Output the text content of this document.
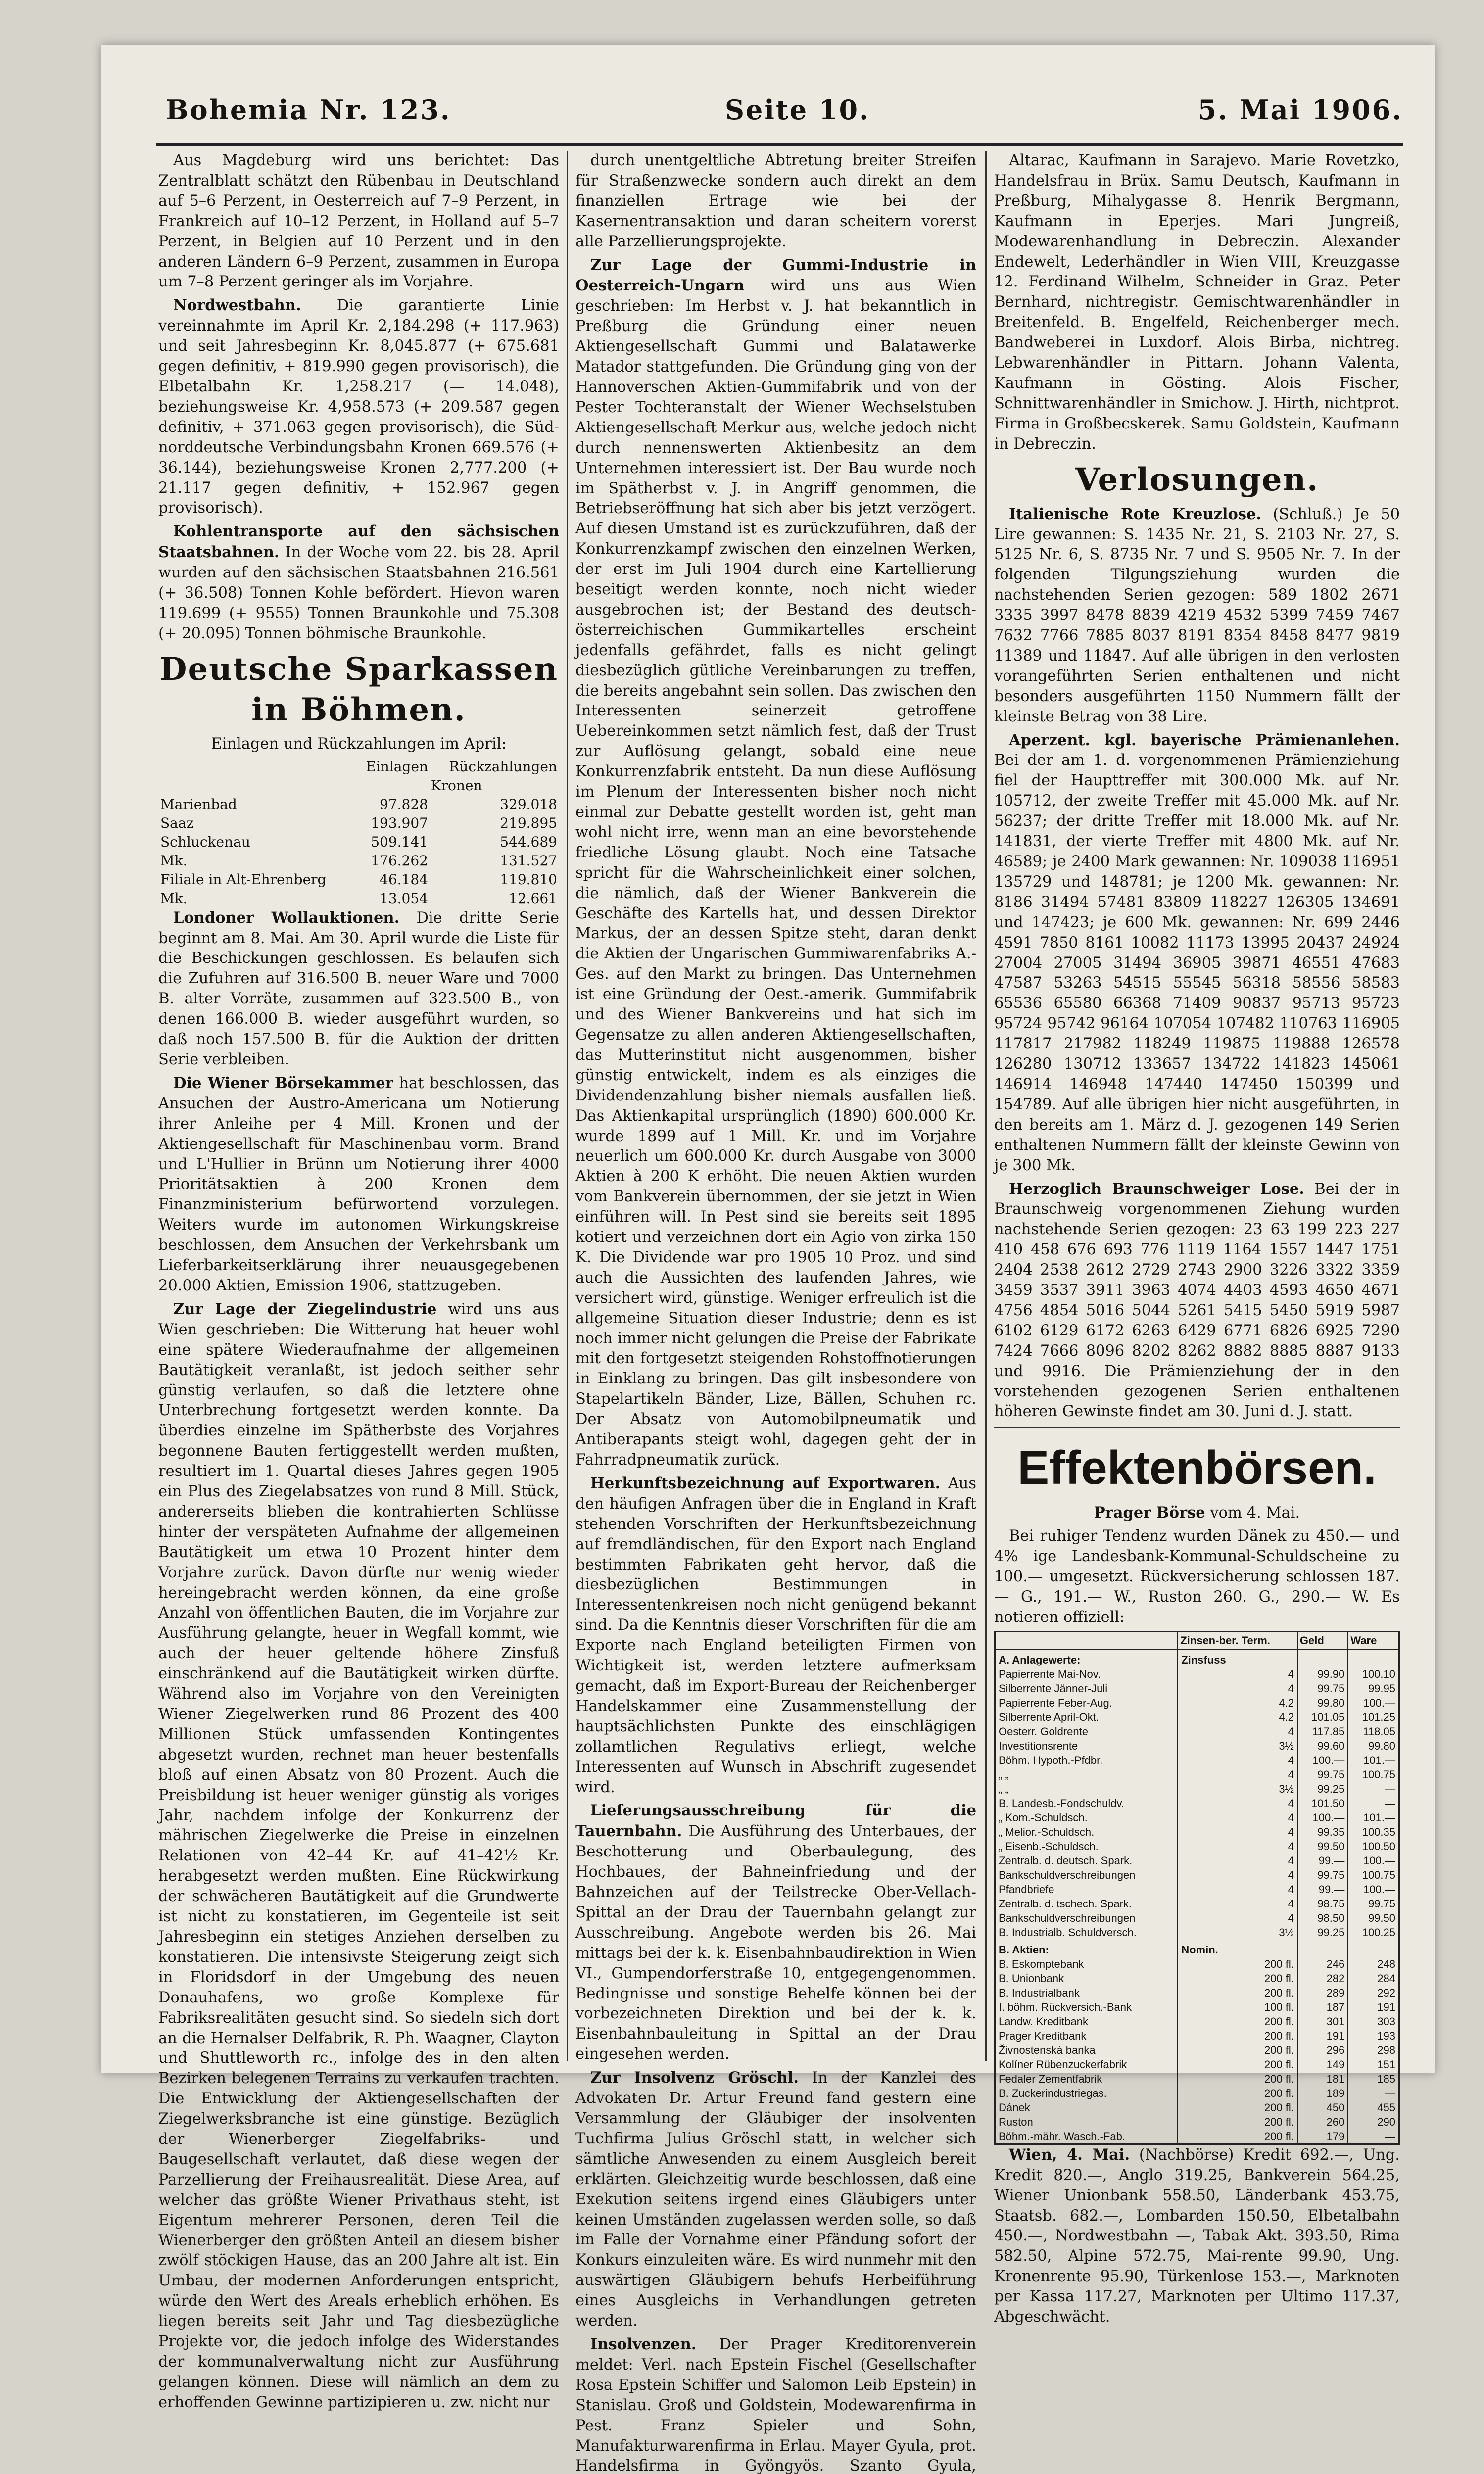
Bohemia Nr. 123.	Seite 10.	5. Mai 1906.

Aus Magdeburg wird uns berichtet: Das Zentralblatt schätzt den Rübenbau in Deutschland auf 5–6 Perzent, in Oesterreich auf 7–9 Perzent, in Frankreich auf 10–12 Perzent, in Holland auf 5–7 Perzent, in Belgien auf 10 Perzent und in den anderen Ländern 6–9 Perzent, zusammen in Europa um 7–8 Perzent geringer als im Vorjahre.

Nordwestbahn. Die garantierte Linie vereinnahmte im April Kr. 2,184.298 (+ 117.963) und seit Jahresbeginn Kr. 8,045.877 (+ 675.681 gegen definitiv, + 819.990 gegen provisorisch), die Elbetalbahn Kr. 1,258.217 (— 14.048), beziehungsweise Kr. 4,958.573 (+ 209.587 gegen definitiv, + 371.063 gegen provisorisch), die Süd-norddeutsche Verbindungsbahn Kronen 669.576 (+ 36.144), beziehungsweise Kronen 2,777.200 (+ 21.117 gegen definitiv, + 152.967 gegen provisorisch).

Kohlentransporte auf den sächsischen Staatsbahnen. In der Woche vom 22. bis 28. April wurden auf den sächsischen Staatsbahnen 216.561 (+ 36.508) Tonnen Kohle befördert. Hievon waren 119.699 (+ 9555) Tonnen Braunkohle und 75.308 (+ 20.095) Tonnen böhmische Braunkohle.

Deutsche Sparkassen in Böhmen.

Einlagen und Rückzahlungen im April:

	Einlagen	Rückzahlungen
	Kronen	
Marienbad	97.828	329.018
Saaz	193.907	219.895
Schluckenau	509.141	544.689
Mk.	176.262	131.527
Filiale in Alt-Ehrenberg	46.184	119.810
Mk.	13.054	12.661

Londoner Wollauktionen. Die dritte Serie beginnt am 8. Mai. Am 30. April wurde die Liste für die Beschickungen geschlossen. Es belaufen sich die Zufuhren auf 316.500 B. neuer Ware und 7000 B. alter Vorräte, zusammen auf 323.500 B., von denen 166.000 B. wieder ausgeführt wurden, so daß noch 157.500 B. für die Auktion der dritten Serie verbleiben.

Die Wiener Börsekammer hat beschlossen, das Ansuchen der Austro-Americana um Notierung ihrer Anleihe per 4 Mill. Kronen und der Aktiengesellschaft für Maschinenbau vorm. Brand und L'Hullier in Brünn um Notierung ihrer 4000 Prioritätsaktien à 200 Kronen dem Finanzministerium befürwortend vorzulegen. Weiters wurde im autonomen Wirkungskreise beschlossen, dem Ansuchen der Verkehrsbank um Lieferbarkeitserklärung ihrer neuausgegebenen 20.000 Aktien, Emission 1906, stattzugeben.

Zur Lage der Ziegelindustrie wird uns aus Wien geschrieben: Die Witterung hat heuer wohl eine spätere Wiederaufnahme der allgemeinen Bautätigkeit veranlaßt, ist jedoch seither sehr günstig verlaufen, so daß die letztere ohne Unterbrechung fortgesetzt werden konnte. Da überdies einzelne im Spätherbste des Vorjahres begonnene Bauten fertiggestellt werden mußten, resultiert im 1. Quartal dieses Jahres gegen 1905 ein Plus des Ziegelabsatzes von rund 8 Mill. Stück, andererseits blieben die kontrahierten Schlüsse hinter der verspäteten Aufnahme der allgemeinen Bautätigkeit um etwa 10 Prozent hinter dem Vorjahre zurück. Davon dürfte nur wenig wieder hereingebracht werden können, da eine große Anzahl von öffentlichen Bauten, die im Vorjahre zur Ausführung gelangte, heuer in Wegfall kommt, wie auch der heuer geltende höhere Zinsfuß einschränkend auf die Bautätigkeit wirken dürfte. Während also im Vorjahre von den Vereinigten Wiener Ziegelwerken rund 86 Prozent des 400 Millionen Stück umfassenden Kontingentes abgesetzt wurden, rechnet man heuer bestenfalls bloß auf einen Absatz von 80 Prozent. Auch die Preisbildung ist heuer weniger günstig als voriges Jahr, nachdem infolge der Konkurrenz der mährischen Ziegelwerke die Preise in einzelnen Relationen von 42–44 Kr. auf 41–42½ Kr. herabgesetzt werden mußten. Eine Rückwirkung der schwächeren Bautätigkeit auf die Grundwerte ist nicht zu konstatieren, im Gegenteile ist seit Jahresbeginn ein stetiges Anziehen derselben zu konstatieren. Die intensivste Steigerung zeigt sich in Floridsdorf in der Umgebung des neuen Donauhafens, wo große Komplexe für Fabriksrealitäten gesucht sind. So siedeln sich dort an die Hernalser Delfabrik, R. Ph. Waagner, Clayton und Shuttleworth rc., infolge des in den alten Bezirken belegenen Terrains zu verkaufen trachten. Die Entwicklung der Aktiengesellschaften der Ziegelwerksbranche ist eine günstige. Bezüglich der Wienerberger Ziegelfabriks- und Baugesellschaft verlautet, daß diese wegen der Parzellierung der Freihausrealität. Diese Area, auf welcher das größte Wiener Privathaus steht, ist Eigentum mehrerer Personen, deren Teil die Wienerberger den größten Anteil an diesem bisher zwölf stöckigen Hause, das an 200 Jahre alt ist. Ein Umbau, der modernen Anforderungen entspricht, würde den Wert des Areals erheblich erhöhen. Es liegen bereits seit Jahr und Tag diesbezügliche Projekte vor, die jedoch infolge des Widerstandes der kommunalverwaltung nicht zur Ausführung gelangen können. Diese will nämlich an dem zu erhoffenden Gewinne partizipieren u. zw. nicht nur

durch unentgeltliche Abtretung breiter Streifen für Straßenzwecke sondern auch direkt an dem finanziellen Ertrage wie bei der Kasernentransaktion und daran scheitern vorerst alle Parzellierungsprojekte.

Zur Lage der Gummi-Industrie in Oesterreich-Ungarn wird uns aus Wien geschrieben: Im Herbst v. J. hat bekanntlich in Preßburg die Gründung einer neuen Aktiengesellschaft Gummi und Balatawerke Matador stattgefunden. Die Gründung ging von der Hannoverschen Aktien-Gummifabrik und von der Pester Tochteranstalt der Wiener Wechselstuben Aktiengesellschaft Merkur aus, welche jedoch nicht durch nennenswerten Aktienbesitz an dem Unternehmen interessiert ist. Der Bau wurde noch im Spätherbst v. J. in Angriff genommen, die Betriebseröffnung hat sich aber bis jetzt verzögert. Auf diesen Umstand ist es zurückzuführen, daß der Konkurrenzkampf zwischen den einzelnen Werken, der erst im Juli 1904 durch eine Kartellierung beseitigt werden konnte, noch nicht wieder ausgebrochen ist; der Bestand des deutsch-österreichischen Gummikartelles erscheint jedenfalls gefährdet, falls es nicht gelingt diesbezüglich gütliche Vereinbarungen zu treffen, die bereits angebahnt sein sollen. Das zwischen den Interessenten seinerzeit getroffene Uebereinkommen setzt nämlich fest, daß der Trust zur Auflösung gelangt, sobald eine neue Konkurrenzfabrik entsteht. Da nun diese Auflösung im Plenum der Interessenten bisher noch nicht einmal zur Debatte gestellt worden ist, geht man wohl nicht irre, wenn man an eine bevorstehende friedliche Lösung glaubt. Noch eine Tatsache spricht für die Wahrscheinlichkeit einer solchen, die nämlich, daß der Wiener Bankverein die Geschäfte des Kartells hat, und dessen Direktor Markus, der an dessen Spitze steht, daran denkt die Aktien der Ungarischen Gummiwarenfabriks A.-Ges. auf den Markt zu bringen. Das Unternehmen ist eine Gründung der Oest.-amerik. Gummifabrik und des Wiener Bankvereins und hat sich im Gegensatze zu allen anderen Aktiengesellschaften, das Mutterinstitut nicht ausgenommen, bisher günstig entwickelt, indem es als einziges die Dividendenzahlung bisher niemals ausfallen ließ. Das Aktienkapital ursprünglich (1890) 600.000 Kr. wurde 1899 auf 1 Mill. Kr. und im Vorjahre neuerlich um 600.000 Kr. durch Ausgabe von 3000 Aktien à 200 K erhöht. Die neuen Aktien wurden vom Bankverein übernommen, der sie jetzt in Wien einführen will. In Pest sind sie bereits seit 1895 kotiert und verzeichnen dort ein Agio von zirka 150 K. Die Dividende war pro 1905 10 Proz. und sind auch die Aussichten des laufenden Jahres, wie versichert wird, günstige. Weniger erfreulich ist die allgemeine Situation dieser Industrie; denn es ist noch immer nicht gelungen die Preise der Fabrikate mit den fortgesetzt steigenden Rohstoffnotierungen in Einklang zu bringen. Das gilt insbesondere von Stapelartikeln Bänder, Lize, Bällen, Schuhen rc. Der Absatz von Automobilpneumatik und Antiberapants steigt wohl, dagegen geht der in Fahrradpneumatik zurück.

Herkunftsbezeichnung auf Exportwaren. Aus den häufigen Anfragen über die in England in Kraft stehenden Vorschriften der Herkunftsbezeichnung auf fremdländischen, für den Export nach England bestimmten Fabrikaten geht hervor, daß die diesbezüglichen Bestimmungen in Interessentenkreisen noch nicht genügend bekannt sind. Da die Kenntnis dieser Vorschriften für die am Exporte nach England beteiligten Firmen von Wichtigkeit ist, werden letztere aufmerksam gemacht, daß im Export-Bureau der Reichenberger Handelskammer eine Zusammenstellung der hauptsächlichsten Punkte des einschlägigen zollamtlichen Regulativs erliegt, welche Interessenten auf Wunsch in Abschrift zugesendet wird.

Lieferungsausschreibung für die Tauernbahn. Die Ausführung des Unterbaues, der Beschotterung und Oberbaulegung, des Hochbaues, der Bahneinfriedung und der Bahnzeichen auf der Teilstrecke Ober-Vellach-Spittal an der Drau der Tauernbahn gelangt zur Ausschreibung. Angebote werden bis 26. Mai mittags bei der k. k. Eisenbahnbaudirektion in Wien VI., Gumpendorferstraße 10, entgegengenommen. Bedingnisse und sonstige Behelfe können bei der vorbezeichneten Direktion und bei der k. k. Eisenbahnbauleitung in Spittal an der Drau eingesehen werden.

Zur Insolvenz Gröschl. In der Kanzlei des Advokaten Dr. Artur Freund fand gestern eine Versammlung der Gläubiger der insolventen Tuchfirma Julius Gröschl statt, in welcher sich sämtliche Anwesenden zu einem Ausgleich bereit erklärten. Gleichzeitig wurde beschlossen, daß eine Exekution seitens irgend eines Gläubigers unter keinen Umständen zugelassen werden solle, so daß im Falle der Vornahme einer Pfändung sofort der Konkurs einzuleiten wäre. Es wird nunmehr mit den auswärtigen Gläubigern behufs Herbeiführung eines Ausgleichs in Verhandlungen getreten werden.

Insolvenzen. Der Prager Kreditorenverein meldet: Verl. nach Epstein Fischel (Gesellschafter Rosa Epstein Schiffer und Salomon Leib Epstein) in Stanislau. Groß und Goldstein, Modewarenfirma in Pest. Franz Spieler und Sohn, Manufakturwarenfirma in Erlau. Mayer Gyula, prot. Handelsfirma in Gyöngyös. Szanto Gyula,

Altarac, Kaufmann in Sarajevo. Marie Rovetzko, Handelsfrau in Brüx. Samu Deutsch, Kaufmann in Preßburg, Mihalygasse 8. Henrik Bergmann, Kaufmann in Eperjes. Mari Jungreiß, Modewarenhandlung in Debreczin. Alexander Endewelt, Lederhändler in Wien VIII, Kreuzgasse 12. Ferdinand Wilhelm, Schneider in Graz. Peter Bernhard, nichtregistr. Gemischtwarenhändler in Breitenfeld. B. Engelfeld, Reichenberger mech. Bandweberei in Luxdorf. Alois Birba, nichtreg. Lebwarenhändler in Pittarn. Johann Valenta, Kaufmann in Gösting. Alois Fischer, Schnittwarenhändler in Smichow. J. Hirth, nichtprot. Firma in Großbecskerek. Samu Goldstein, Kaufmann in Debreczin.

Verlosungen.

Italienische Rote Kreuzlose. (Schluß.) Je 50 Lire gewannen: S. 1435 Nr. 21, S. 2103 Nr. 27, S. 5125 Nr. 6, S. 8735 Nr. 7 und S. 9505 Nr. 7. In der folgenden Tilgungsziehung wurden die nachstehenden Serien gezogen: 589 1802 2671 3335 3997 8478 8839 4219 4532 5399 7459 7467 7632 7766 7885 8037 8191 8354 8458 8477 9819 11389 und 11847. Auf alle übrigen in den verlosten vorangeführten Serien enthaltenen und nicht besonders ausgeführten 1150 Nummern fällt der kleinste Betrag von 38 Lire.

Aperzent. kgl. bayerische Prämienanlehen. Bei der am 1. d. vorgenommenen Prämienziehung fiel der Haupttreffer mit 300.000 Mk. auf Nr. 105712, der zweite Treffer mit 45.000 Mk. auf Nr. 56237; der dritte Treffer mit 18.000 Mk. auf Nr. 141831, der vierte Treffer mit 4800 Mk. auf Nr. 46589; je 2400 Mark gewannen: Nr. 109038 116951 135729 und 148781; je 1200 Mk. gewannen: Nr. 8186 31494 57481 83809 118227 126305 134691 und 147423; je 600 Mk. gewannen: Nr. 699 2446 4591 7850 8161 10082 11173 13995 20437 24924 27004 27005 31494 36905 39871 46551 47683 47587 53263 54515 55545 56318 58556 58583 65536 65580 66368 71409 90837 95713 95723 95724 95742 96164 107054 107482 110763 116905 117817 217982 118249 119875 119888 126578 126280 130712 133657 134722 141823 145061 146914 146948 147440 147450 150399 und 154789. Auf alle übrigen hier nicht ausgeführten, in den bereits am 1. März d. J. gezogenen 149 Serien enthaltenen Nummern fällt der kleinste Gewinn von je 300 Mk.

Herzoglich Braunschweiger Lose. Bei der in Braunschweig vorgenommenen Ziehung wurden nachstehende Serien gezogen: 23 63 199 223 227 410 458 676 693 776 1119 1164 1557 1447 1751 2404 2538 2612 2729 2743 2900 3226 3322 3359 3459 3537 3911 3963 4074 4403 4593 4650 4671 4756 4854 5016 5044 5261 5415 5450 5919 5987 6102 6129 6172 6263 6429 6771 6826 6925 7290 7424 7666 8096 8202 8262 8882 8885 8887 9133 und 9916. Die Prämienziehung der in den vorstehenden gezogenen Serien enthaltenen höheren Gewinste findet am 30. Juni d. J. statt.

Effektenbörsen.

Prager Börse vom 4. Mai.

Bei ruhiger Tendenz wurden Dänek zu 450.— und 4% ige Landesbank-Kommunal-Schuldscheine zu 100.— umgesetzt. Rückversicherung schlossen 187.— G., 191.— W., Ruston 260. G., 290.— W. Es notieren offiziell:

	Zinsen-ber. Term.	Geld	Ware
A. Anlagewerte:	Zinsfuss		
Papierrente Mai-Nov.	4	99.90	100.10
Silberrente Jänner-Juli	4	99.75	99.95
Papierrente Feber-Aug.	4.2	99.80	100.—
Silberrente April-Okt.	4.2	101.05	101.25
Oesterr. Goldrente	4	117.85	118.05
Investitionsrente	3½	99.60	99.80
Böhm. Hypoth.-Pfdbr.	4	100.—	101.—
„ „	4	99.75	100.75
„ „	3½	99.25	—
B. Landesb.-Fondschuldv.	4	101.50	—
„ Kom.-Schuldsch.	4	100.—	101.—
„ Melior.-Schuldsch.	4	99.35	100.35
„ Eisenb.-Schuldsch.	4	99.50	100.50
Zentralb. d. deutsch. Spark.	4	99.—	100.—
Bankschuldverschreibungen	4	99.75	100.75
Pfandbriefe	4	99.—	100.—
Zentralb. d. tschech. Spark.	4	98.75	99.75
Bankschuldverschreibungen	4	98.50	99.50
B. Industrialb. Schuldversch.	3½	99.25	100.25
B. Aktien:	Nomin.		
B. Eskomptebank	200 fl.	246	248
B. Unionbank	200 fl.	282	284
B. Industrialbank	200 fl.	289	292
I. böhm. Rückversich.-Bank	100 fl.	187	191
Landw. Kreditbank	200 fl.	301	303
Prager Kreditbank	200 fl.	191	193
Živnostenská banka	200 fl.	296	298
Kolíner Rübenzuckerfabrik	200 fl.	149	151
Fedaler Zementfabrik	200 fl.	181	185
B. Zuckerindustriegas.	200 fl.	189	—
Dánek	200 fl.	450	455
Ruston	200 fl.	260	290
Böhm.-mähr. Wasch.-Fab.	200 fl.	179	—

Wien, 4. Mai. (Nachbörse) Kredit 692.—, Ung. Kredit 820.—, Anglo 319.25, Bankverein 564.25, Wiener Unionbank 558.50, Länderbank 453.75, Staatsb. 682.—, Lombarden 150.50, Elbetalbahn 450.—, Nordwestbahn —, Tabak Akt. 393.50, Rima 582.50, Alpine 572.75, Mai-rente 99.90, Ung. Kronenrente 95.90, Türkenlose 153.—, Marknoten per Kassa 117.27, Marknoten per Ultimo 117.37, Abgeschwächt.
